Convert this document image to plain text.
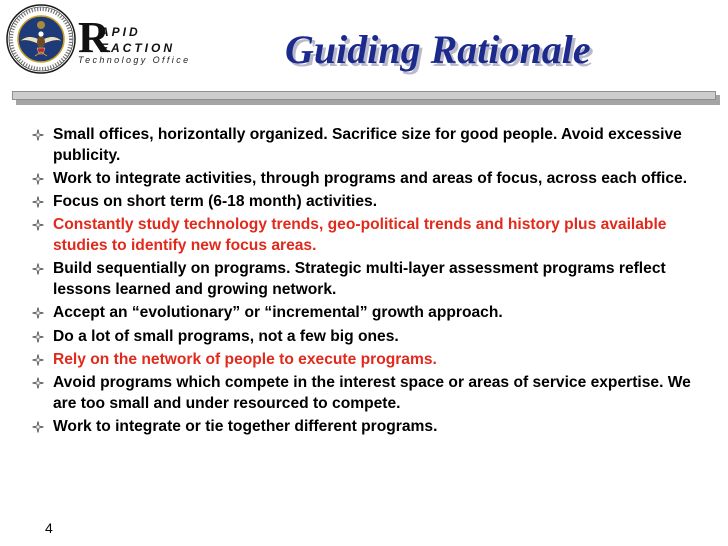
R
APID
EACTION
Technology Office Guiding Rationale
Small offices, horizontally organized. Sacrifice size for good people. Avoid excessive publicity.
Work to integrate activities, through programs and areas of focus, across each office.
Focus on short term (6-18 month) activities.
Constantly study technology trends, geo-political trends and history plus available studies to identify new focus areas.
Build sequentially on programs. Strategic multi-layer assessment programs reflect lessons learned and growing network.
Accept an “evolutionary” or “incremental” growth approach.
Do a lot of small programs, not a few big ones.
Rely on the network of people to execute programs.
Avoid programs which compete in the interest space or areas of service expertise. We are too small and under resourced to compete.
Work to integrate or tie together different programs.
4
